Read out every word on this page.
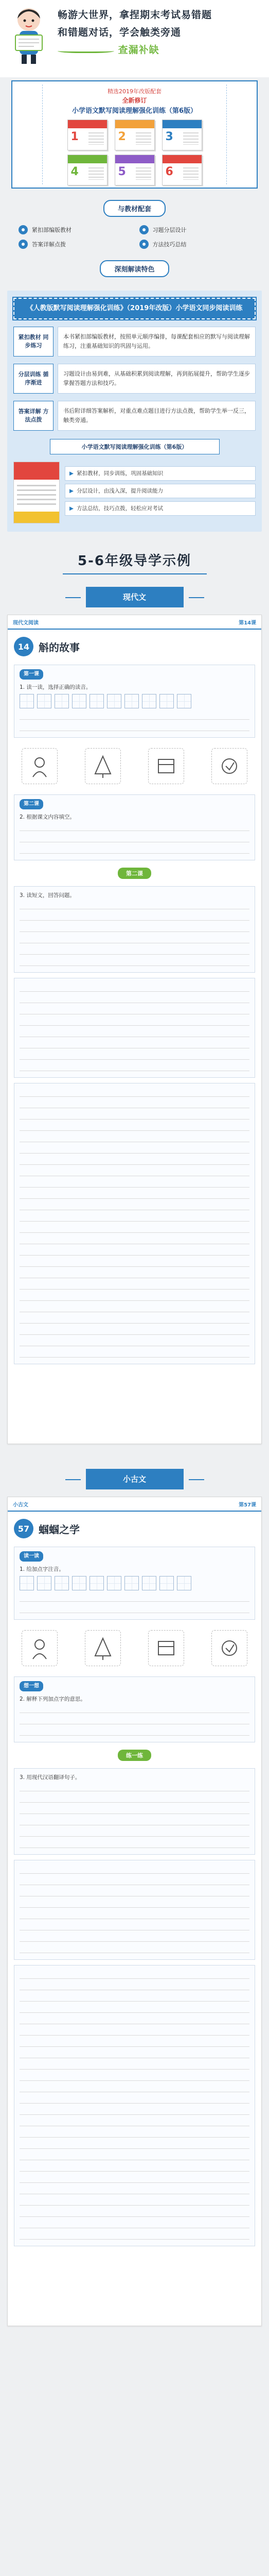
畅游大世界，拿捏期末考试易错题
和错题对话，学会触类旁通
查漏补缺
精选2019年改版配套
全新修订
小学语文默写阅读理解强化训练（第6版）
1	2	3
4	5	6
与教材配套
紧扣部编版教材	习题分层设计
答案详解点拨	方法技巧总结
深刻解读特色
《人教版默写阅读理解强化训练》（2019年改版）小学语文同步阅读训练
紧扣教材 同步练习
本书紧扣部编版教材，按照单元顺序编排，每课配套相应的默写与阅读理解练习，注重基础知识的巩固与运用。
分层训练 循序渐进
习题设计由易到难，从基础积累到阅读理解，再到拓展提升，帮助学生逐步掌握答题方法和技巧。
答案详解 方法点拨
书后附详细答案解析，对重点难点题目进行方法点拨，帮助学生举一反三，触类旁通。
小学语文默写阅读理解强化训练（第6版）
▶ 紧扣教材，同步训练，巩固基础知识
▶ 分层设计，由浅入深，提升阅读能力
▶ 方法总结，技巧点拨，轻松应对考试
5-6年级导学示例
现代文
现代文阅读	第14课
14 斛的故事
第一课
1. 读一读，选择正确的读音。
第二课
2. 根据课文内容填空。
第二课
3. 读短文，回答问题。
小古文
小古文	第57课
57 蝈蝈之学
读一读
1. 给加点字注音。
想一想
2. 解释下列加点字的意思。
练一练
3. 用现代汉语翻译句子。
